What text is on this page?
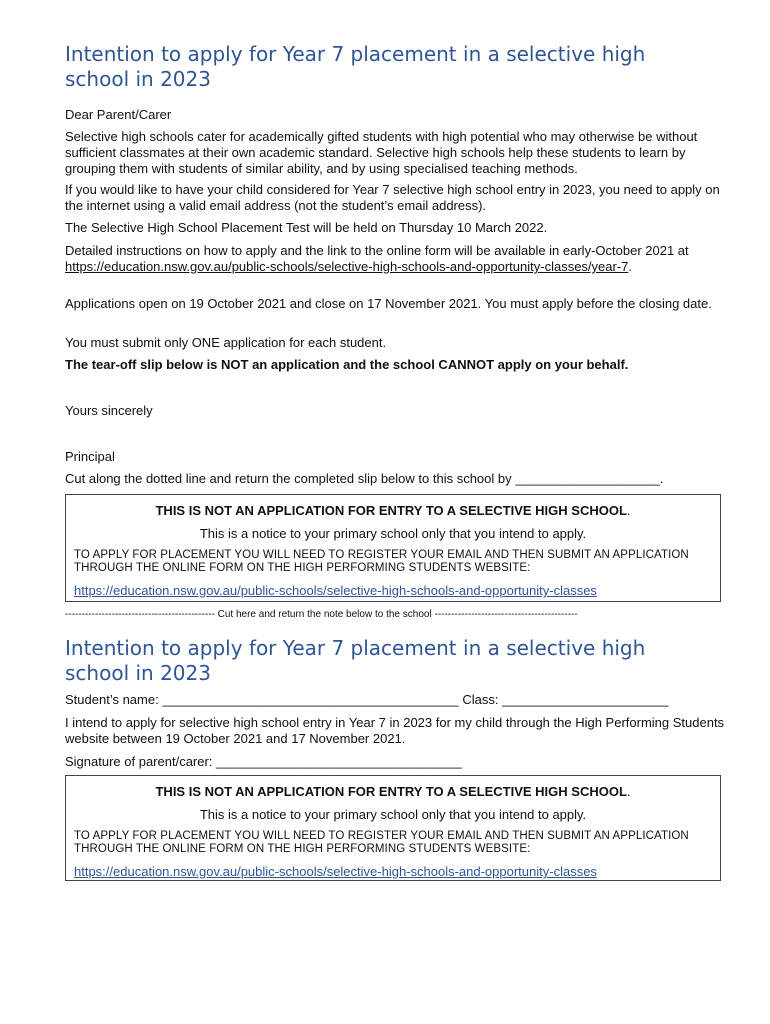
Intention to apply for Year 7 placement in a selective high school in 2023

Dear Parent/Carer

Selective high schools cater for academically gifted students with high potential who may otherwise be without sufficient classmates at their own academic standard. Selective high schools help these students to learn by grouping them with students of similar ability, and by using specialised teaching methods.

If you would like to have your child considered for Year 7 selective high school entry in 2023, you need to apply on the internet using a valid email address (not the student’s email address).

The Selective High School Placement Test will be held on Thursday 10 March 2022.

Detailed instructions on how to apply and the link to the online form will be available in early-October 2021 at https://education.nsw.gov.au/public-schools/selective-high-schools-and-opportunity-classes/year-7.

Applications open on 19 October 2021 and close on 17 November 2021. You must apply before the closing date.

You must submit only ONE application for each student.

The tear-off slip below is NOT an application and the school CANNOT apply on your behalf.

Yours sincerely

Principal

Cut along the dotted line and return the completed slip below to this school by ____________________.

THIS IS NOT AN APPLICATION FOR ENTRY TO A SELECTIVE HIGH SCHOOL.
This is a notice to your primary school only that you intend to apply.
TO APPLY FOR PLACEMENT YOU WILL NEED TO REGISTER YOUR EMAIL AND THEN SUBMIT AN APPLICATION THROUGH THE ONLINE FORM ON THE HIGH PERFORMING STUDENTS WEBSITE:
https://education.nsw.gov.au/public-schools/selective-high-schools-and-opportunity-classes
--------------------------------------------- Cut here and return the note below to the school -------------------------------------------
Intention to apply for Year 7 placement in a selective high school in 2023

Student’s name: _________________________________________ Class: _______________________

I intend to apply for selective high school entry in Year 7 in 2023 for my child through the High Performing Students website between 19 October 2021 and 17 November 2021.

Signature of parent/carer: __________________________________

THIS IS NOT AN APPLICATION FOR ENTRY TO A SELECTIVE HIGH SCHOOL.
This is a notice to your primary school only that you intend to apply.
TO APPLY FOR PLACEMENT YOU WILL NEED TO REGISTER YOUR EMAIL AND THEN SUBMIT AN APPLICATION THROUGH THE ONLINE FORM ON THE HIGH PERFORMING STUDENTS WEBSITE:
https://education.nsw.gov.au/public-schools/selective-high-schools-and-opportunity-classes
